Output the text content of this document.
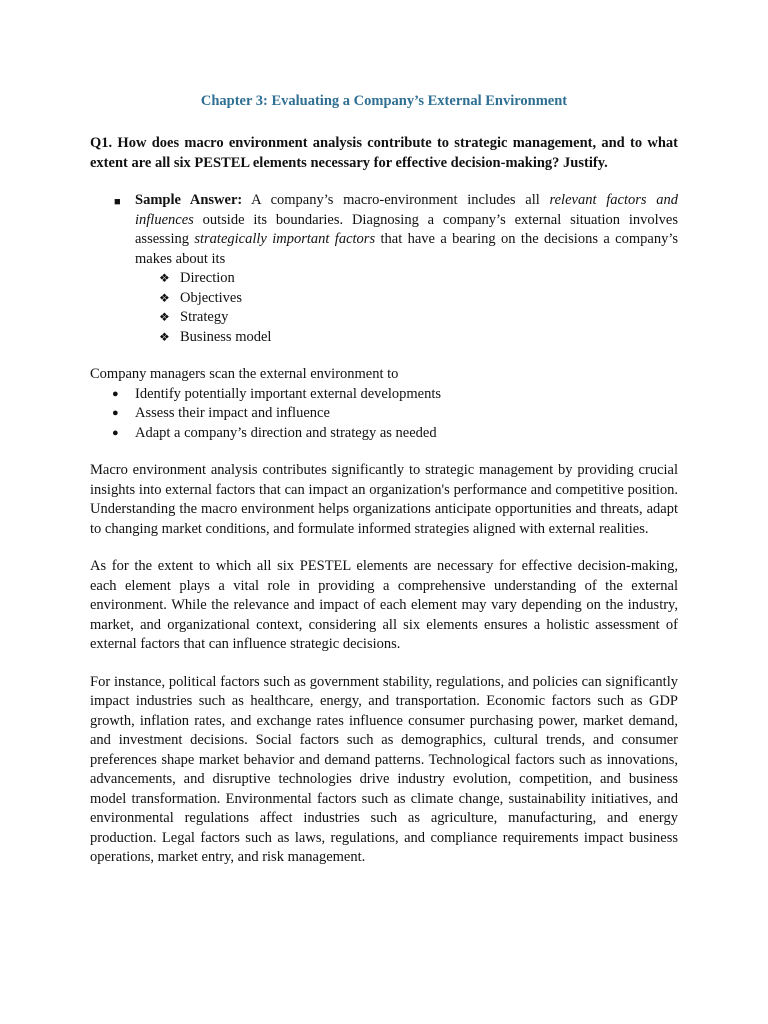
Chapter 3: Evaluating a Company’s External Environment
Q1. How does macro environment analysis contribute to strategic management, and to what extent are all six PESTEL elements necessary for effective decision-making? Justify.
■ Sample Answer: A company’s macro-environment includes all relevant factors and influences outside its boundaries. Diagnosing a company’s external situation involves assessing strategically important factors that have a bearing on the decisions a company’s makes about its
❖ Direction
❖ Objectives
❖ Strategy
❖ Business model

Company managers scan the external environment to

● Identify potentially important external developments
● Assess their impact and influence
● Adapt a company’s direction and strategy as needed

Macro environment analysis contributes significantly to strategic management by providing crucial insights into external factors that can impact an organization's performance and competitive position. Understanding the macro environment helps organizations anticipate opportunities and threats, adapt to changing market conditions, and formulate informed strategies aligned with external realities.

As for the extent to which all six PESTEL elements are necessary for effective decision-making, each element plays a vital role in providing a comprehensive understanding of the external environment. While the relevance and impact of each element may vary depending on the industry, market, and organizational context, considering all six elements ensures a holistic assessment of external factors that can influence strategic decisions.

For instance, political factors such as government stability, regulations, and policies can significantly impact industries such as healthcare, energy, and transportation. Economic factors such as GDP growth, inflation rates, and exchange rates influence consumer purchasing power, market demand, and investment decisions. Social factors such as demographics, cultural trends, and consumer preferences shape market behavior and demand patterns. Technological factors such as innovations, advancements, and disruptive technologies drive industry evolution, competition, and business model transformation. Environmental factors such as climate change, sustainability initiatives, and environmental regulations affect industries such as agriculture, manufacturing, and energy production. Legal factors such as laws, regulations, and compliance requirements impact business operations, market entry, and risk management.
